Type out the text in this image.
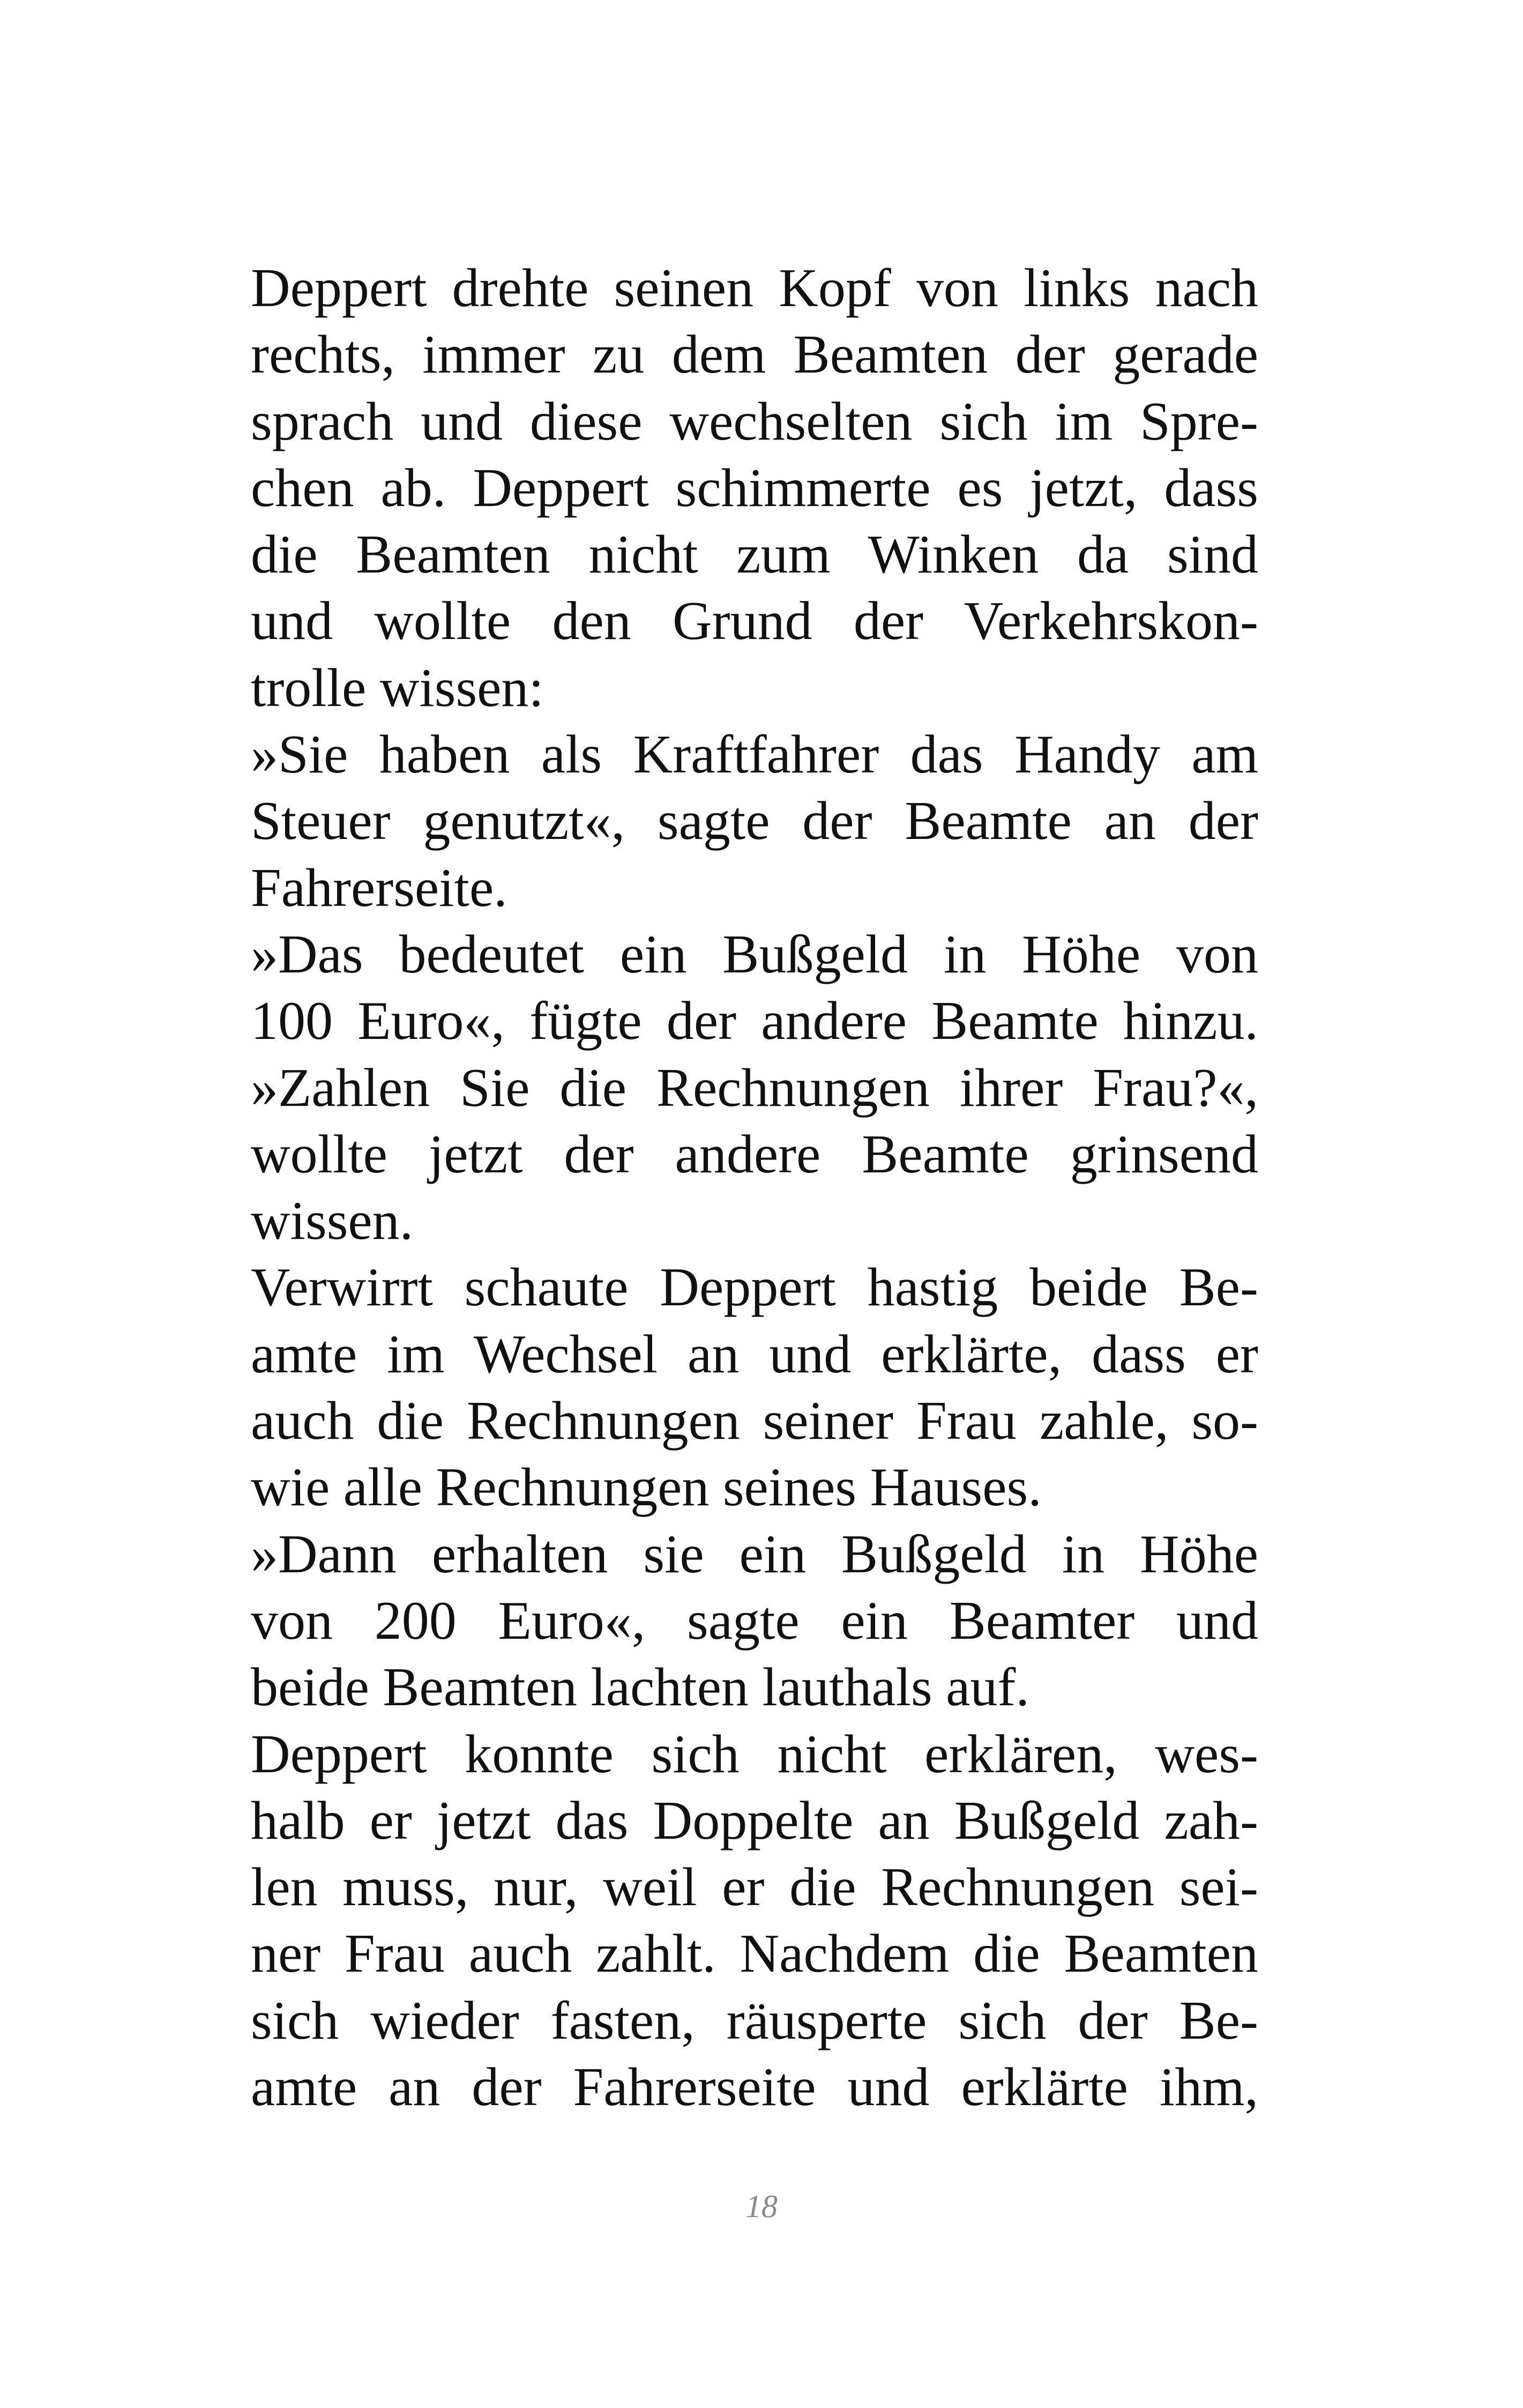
Deppert drehte seinen Kopf von links nach
rechts, immer zu dem Beamten der gerade
sprach und diese wechselten sich im Spre-
chen ab. Deppert schimmerte es jetzt, dass
die Beamten nicht zum Winken da sind
und wollte den Grund der Verkehrskon-
trolle wissen:
»Sie haben als Kraftfahrer das Handy am
Steuer genutzt«, sagte der Beamte an der
Fahrerseite.
»Das bedeutet ein Bußgeld in Höhe von
100 Euro«, fügte der andere Beamte hinzu.
»Zahlen Sie die Rechnungen ihrer Frau?«,
wollte jetzt der andere Beamte grinsend
wissen.
Verwirrt schaute Deppert hastig beide Be-
amte im Wechsel an und erklärte, dass er
auch die Rechnungen seiner Frau zahle, so-
wie alle Rechnungen seines Hauses.
»Dann erhalten sie ein Bußgeld in Höhe
von 200 Euro«, sagte ein Beamter und
beide Beamten lachten lauthals auf.
Deppert konnte sich nicht erklären, wes-
halb er jetzt das Doppelte an Bußgeld zah-
len muss, nur, weil er die Rechnungen sei-
ner Frau auch zahlt. Nachdem die Beamten
sich wieder fasten, räusperte sich der Be-
amte an der Fahrerseite und erklärte ihm,
18
